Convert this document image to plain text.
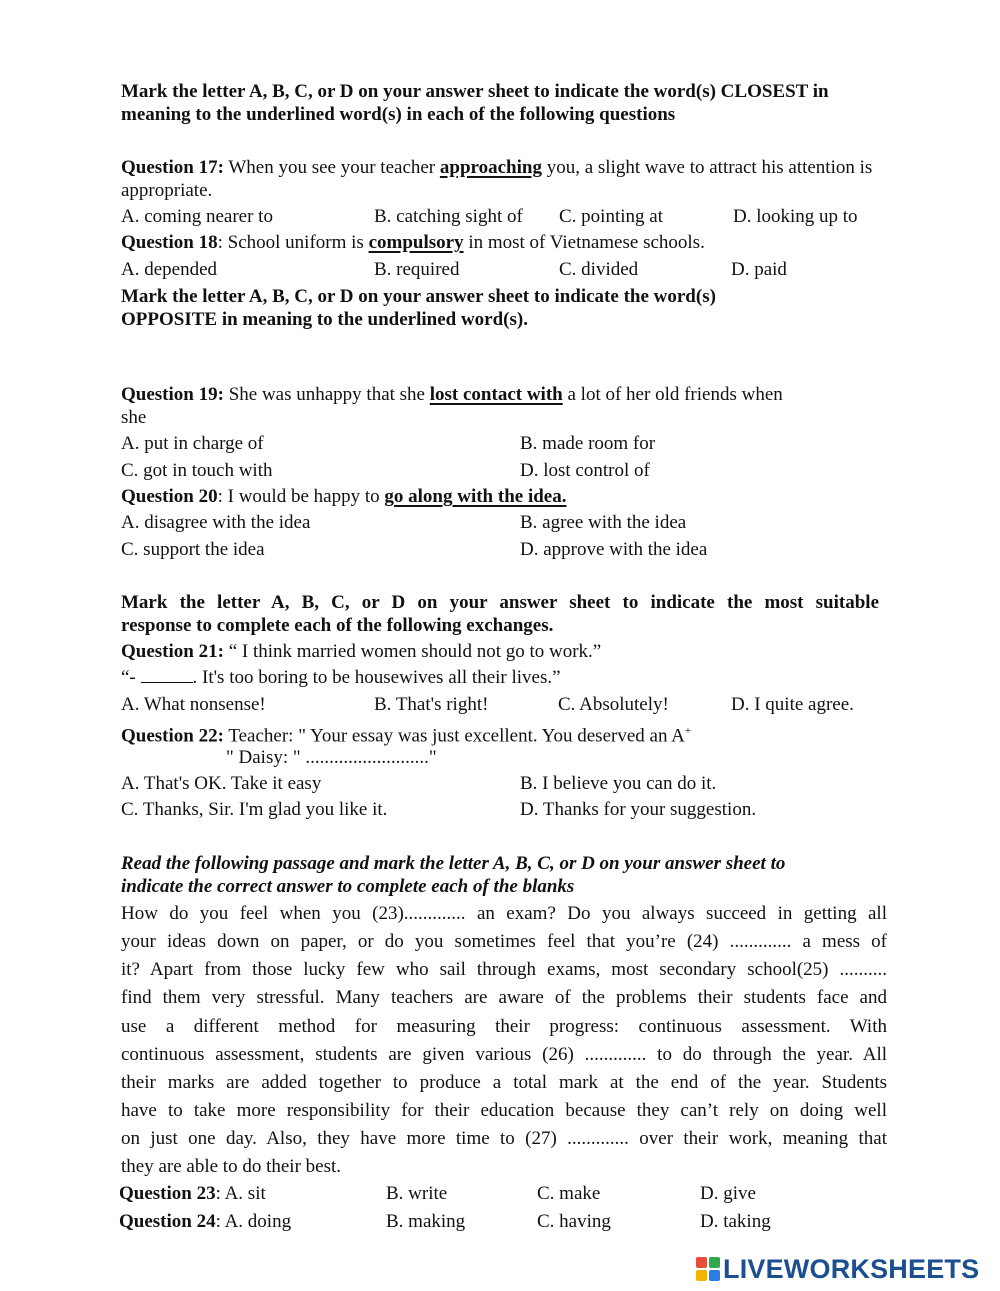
Mark the letter A, B, C, or D on your answer sheet to indicate the word(s) CLOSEST in
meaning to the underlined word(s) in each of the following questions
Question 17: When you see your teacher approaching you, a slight wave to attract his attention is
appropriate.
A. coming nearer to	B. catching sight of C. pointing at	D. looking up to
Question 18: School uniform is compulsory in most of Vietnamese schools.
A. depended	B. required	C. divided	D. paid
Mark the letter A, B, C, or D on your answer sheet to indicate the word(s)
OPPOSITE in meaning to the underlined word(s).
Question 19: She was unhappy that she lost contact with a lot of her old friends when
she
A. put in charge of	B. made room for
C. got in touch with	D. lost control of
Question 20: I would be happy to go along with the idea.
A. disagree with the idea	B. agree with the idea
C. support the idea	D. approve with the idea
Mark the letter A, B, C, or D on your answer sheet to indicate the most suitable
response to complete each of the following exchanges.
Question 21: “ I think married women should not go to work.”
“-	. It's too boring to be housewives all their lives.”
A. What nonsense!	B. That's right!	C. Absolutely!	D. I quite agree.
Question 22: Teacher: " Your essay was just excellent. You deserved an A+
" Daisy: " .........................."
A. That's OK. Take it easy	B. I believe you can do it.
C. Thanks, Sir. I'm glad you like it.	D. Thanks for your suggestion.
Read the following passage and mark the letter A, B, C, or D on your answer sheet to
indicate the correct answer to complete each of the blanks
How do you feel when you (23)............. an exam? Do you always succeed in getting all
your ideas down on paper, or do you sometimes feel that you’re (24) ............. a mess of
it? Apart from those lucky few who sail through exams, most secondary school(25) ..........
find them very stressful. Many teachers are aware of the problems their students face and
use a different method for measuring their progress: continuous assessment. With
continuous assessment, students are given various (26) ............. to do through the year. All
their marks are added together to produce a total mark at the end of the year. Students
have to take more responsibility for their education because they can’t rely on doing well
on just one day. Also, they have more time to (27) ............. over their work, meaning that
they are able to do their best.
Question 23: A. sit	B. write	C. make	D. give
Question 24: A. doing	B. making	C. having	D. taking
LIVEWORKSHEETS
